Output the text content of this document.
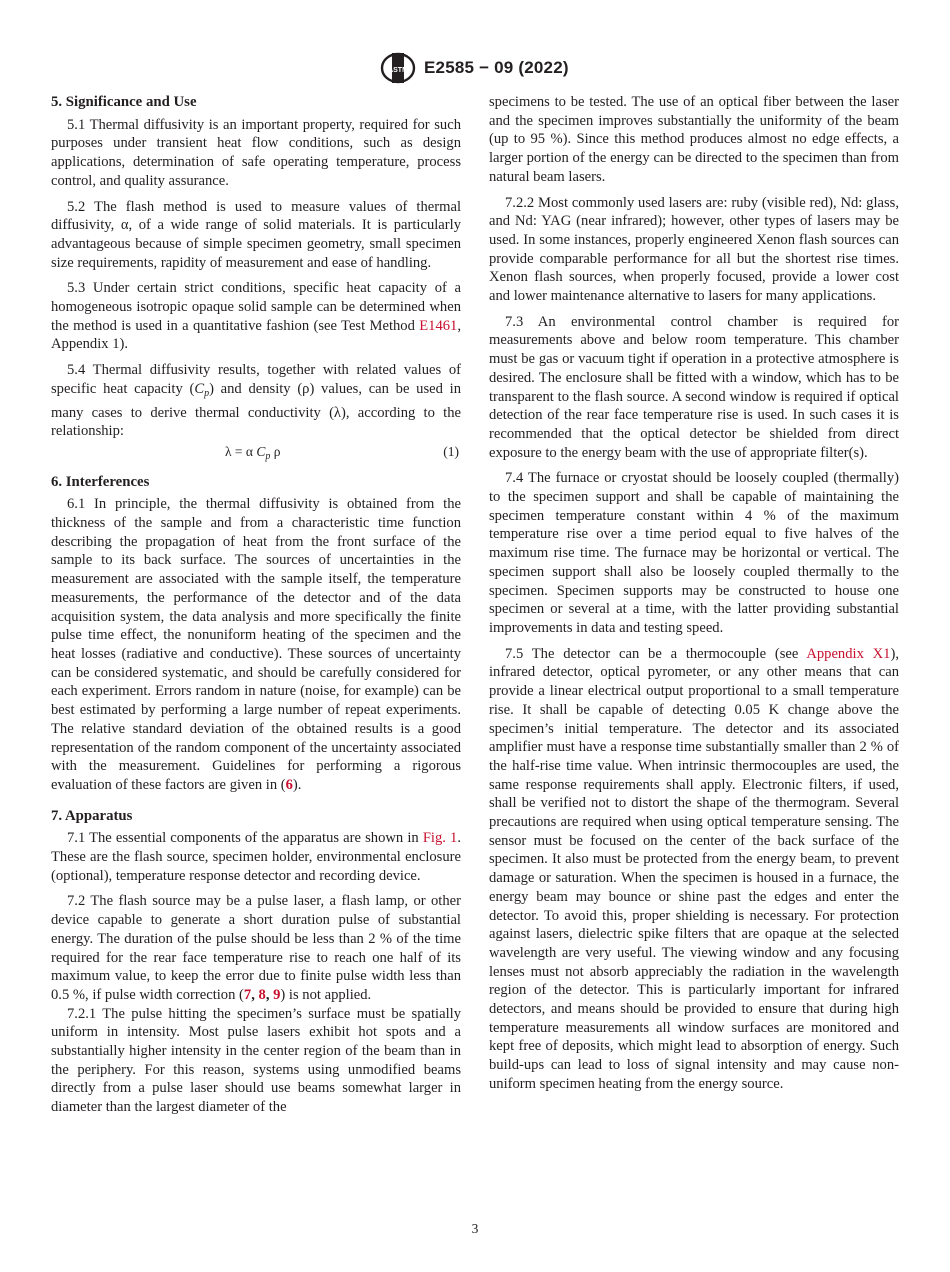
ASTM E2585 − 09 (2022)
5. Significance and Use

5.1 Thermal diffusivity is an important property, required for such purposes under transient heat flow conditions, such as design applications, determination of safe operating temperature, process control, and quality assurance.

5.2 The flash method is used to measure values of thermal diffusivity, α, of a wide range of solid materials. It is particularly advantageous because of simple specimen geometry, small specimen size requirements, rapidity of measurement and ease of handling.

5.3 Under certain strict conditions, specific heat capacity of a homogeneous isotropic opaque solid sample can be determined when the method is used in a quantitative fashion (see Test Method E1461, Appendix 1).

5.4 Thermal diffusivity results, together with related values of specific heat capacity $(C_p)$ and density (ρ) values, can be used in many cases to derive thermal conductivity (λ), according to the relationship:

λ = α $C_p$ ρ	(1)
6. Interferences

6.1 In principle, the thermal diffusivity is obtained from the thickness of the sample and from a characteristic time function describing the propagation of heat from the front surface of the sample to its back surface. The sources of uncertainties in the measurement are associated with the sample itself, the temperature measurements, the performance of the detector and of the data acquisition system, the data analysis and more specifically the finite pulse time effect, the nonuniform heating of the specimen and the heat losses (radiative and conductive). These sources of uncertainty can be considered systematic, and should be carefully considered for each experiment. Errors random in nature (noise, for example) can be best estimated by performing a large number of repeat experiments. The relative standard deviation of the obtained results is a good representation of the random component of the uncertainty associated with the measurement. Guidelines for performing a rigorous evaluation of these factors are given in (6).

7. Apparatus

7.1 The essential components of the apparatus are shown in Fig. 1. These are the flash source, specimen holder, environmental enclosure (optional), temperature response detector and recording device.

7.2 The flash source may be a pulse laser, a flash lamp, or other device capable to generate a short duration pulse of substantial energy. The duration of the pulse should be less than 2 % of the time required for the rear face temperature rise to reach one half of its maximum value, to keep the error due to finite pulse width less than 0.5 %, if pulse width correction (7, 8, 9) is not applied.

7.2.1 The pulse hitting the specimen’s surface must be spatially uniform in intensity. Most pulse lasers exhibit hot spots and a substantially higher intensity in the center region of the beam than in the periphery. For this reason, systems using unmodified beams directly from a pulse laser should use beams somewhat larger in diameter than the largest diameter of the

specimens to be tested. The use of an optical fiber between the laser and the specimen improves substantially the uniformity of the beam (up to 95 %). Since this method produces almost no edge effects, a larger portion of the energy can be directed to the specimen than from natural beam lasers.

7.2.2 Most commonly used lasers are: ruby (visible red), Nd: glass, and Nd: YAG (near infrared); however, other types of lasers may be used. In some instances, properly engineered Xenon flash sources can provide comparable performance for all but the shortest rise times. Xenon flash sources, when properly focused, provide a lower cost and lower maintenance alternative to lasers for many applications.

7.3 An environmental control chamber is required for measurements above and below room temperature. This chamber must be gas or vacuum tight if operation in a protective atmosphere is desired. The enclosure shall be fitted with a window, which has to be transparent to the flash source. A second window is required if optical detection of the rear face temperature rise is used. In such cases it is recommended that the optical detector be shielded from direct exposure to the energy beam with the use of appropriate filter(s).

7.4 The furnace or cryostat should be loosely coupled (thermally) to the specimen support and shall be capable of maintaining the specimen temperature constant within 4 % of the maximum temperature rise over a time period equal to five halves of the maximum rise time. The furnace may be horizontal or vertical. The specimen support shall also be loosely coupled thermally to the specimen. Specimen supports may be constructed to house one specimen or several at a time, with the latter providing substantial improvements in data and testing speed.

7.5 The detector can be a thermocouple (see Appendix X1), infrared detector, optical pyrometer, or any other means that can provide a linear electrical output proportional to a small temperature rise. It shall be capable of detecting 0.05 K change above the specimen’s initial temperature. The detector and its associated amplifier must have a response time substantially smaller than 2 % of the half-rise time value. When intrinsic thermocouples are used, the same response requirements shall apply. Electronic filters, if used, shall be verified not to distort the shape of the thermogram. Several precautions are required when using optical temperature sensing. The sensor must be focused on the center of the back surface of the specimen. It also must be protected from the energy beam, to prevent damage or saturation. When the specimen is housed in a furnace, the energy beam may bounce or shine past the edges and enter the detector. To avoid this, proper shielding is necessary. For protection against lasers, dielectric spike filters that are opaque at the selected wavelength are very useful. The viewing window and any focusing lenses must not absorb appreciably the radiation in the wavelength region of the detector. This is particularly important for infrared detectors, and means should be provided to ensure that during high temperature measurements all window surfaces are monitored and kept free of deposits, which might lead to absorption of energy. Such build-ups can lead to loss of signal intensity and may cause non-uniform specimen heating from the energy source.

3
